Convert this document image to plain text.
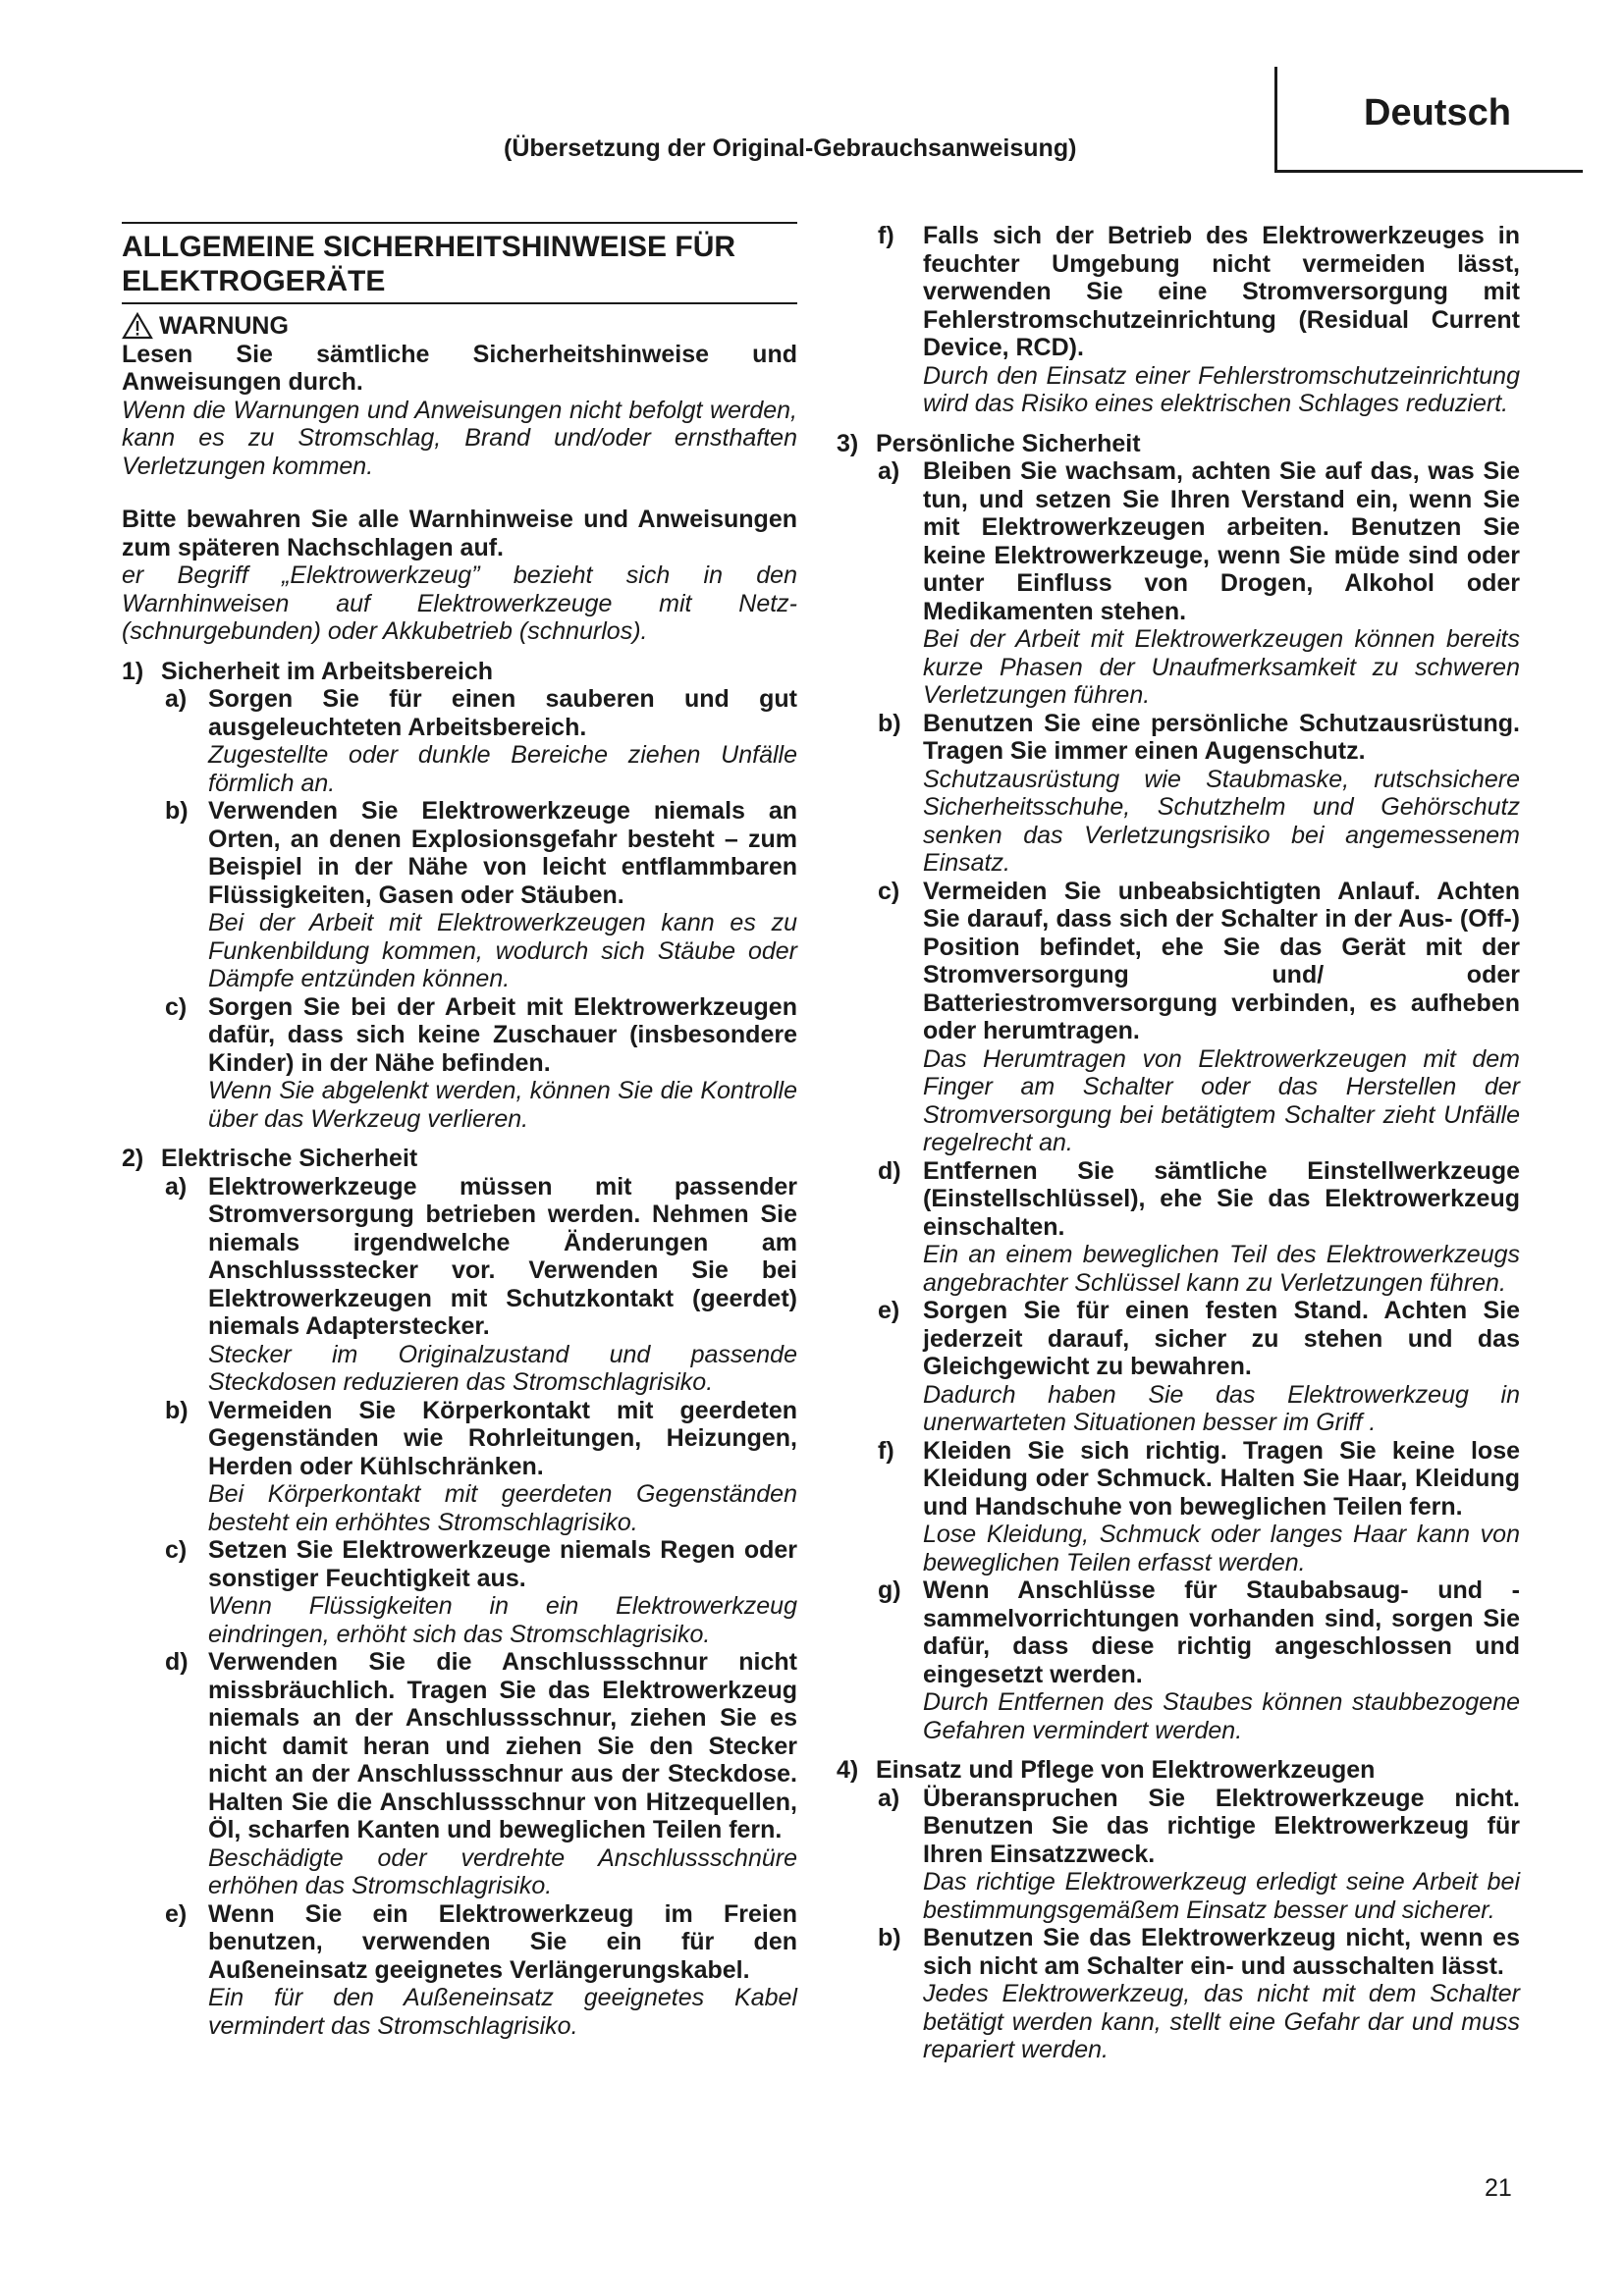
Deutsch
(Übersetzung der Original-Gebrauchsanweisung)
ALLGEMEINE SICHERHEITSHINWEISE FÜR ELEKTROGERÄTE
WARNUNG

Lesen Sie sämtliche Sicherheitshinweise und Anweisungen durch.

Wenn die Warnungen und Anweisungen nicht befolgt werden, kann es zu Stromschlag, Brand und/oder ernsthaften Verletzungen kommen.

Bitte bewahren Sie alle Warnhinweise und Anweisungen zum späteren Nachschlagen auf.

er Begriff „Elektrowerkzeug” bezieht sich in den Warnhinweisen auf Elektrowerkzeuge mit Netz- (schnurgebunden) oder Akkubetrieb (schnurlos).

1) Sicherheit im Arbeitsbereich
a) Sorgen Sie für einen sauberen und gut ausgeleuchteten Arbeitsbereich.

Zugestellte oder dunkle Bereiche ziehen Unfälle förmlich an.

b) Verwenden Sie Elektrowerkzeuge niemals an Orten, an denen Explosionsgefahr besteht – zum Beispiel in der Nähe von leicht entflammbaren Flüssigkeiten, Gasen oder Stäuben.

Bei der Arbeit mit Elektrowerkzeugen kann es zu Funkenbildung kommen, wodurch sich Stäube oder Dämpfe entzünden können.

c) Sorgen Sie bei der Arbeit mit Elektrowerkzeugen dafür, dass sich keine Zuschauer (insbesondere Kinder) in der Nähe befinden.

Wenn Sie abgelenkt werden, können Sie die Kontrolle über das Werkzeug verlieren.

2) Elektrische Sicherheit
a) Elektrowerkzeuge müssen mit passender Stromversorgung betrieben werden. Nehmen Sie niemals irgendwelche Änderungen am Anschlussstecker vor. Verwenden Sie bei Elektrowerkzeugen mit Schutzkontakt (geerdet) niemals Adapterstecker.

Stecker im Originalzustand und passende Steckdosen reduzieren das Stromschlagrisiko.

b) Vermeiden Sie Körperkontakt mit geerdeten Gegenständen wie Rohrleitungen, Heizungen, Herden oder Kühlschränken.

Bei Körperkontakt mit geerdeten Gegenständen besteht ein erhöhtes Stromschlagrisiko.

c) Setzen Sie Elektrowerkzeuge niemals Regen oder sonstiger Feuchtigkeit aus.

Wenn Flüssigkeiten in ein Elektrowerkzeug eindringen, erhöht sich das Stromschlagrisiko.

d) Verwenden Sie die Anschlussschnur nicht missbräuchlich. Tragen Sie das Elektrowerkzeug niemals an der Anschlussschnur, ziehen Sie es nicht damit heran und ziehen Sie den Stecker nicht an der Anschlussschnur aus der Steckdose. Halten Sie die Anschlussschnur von Hitzequellen, Öl, scharfen Kanten und beweglichen Teilen fern.

Beschädigte oder verdrehte Anschlussschnüre erhöhen das Stromschlagrisiko.

e) Wenn Sie ein Elektrowerkzeug im Freien benutzen, verwenden Sie ein für den Außeneinsatz geeignetes Verlängerungskabel.

Ein für den Außeneinsatz geeignetes Kabel vermindert das Stromschlagrisiko.

f) Falls sich der Betrieb des Elektrowerkzeuges in feuchter Umgebung nicht vermeiden lässt, verwenden Sie eine Stromversorgung mit Fehlerstromschutzeinrichtung (Residual Current Device, RCD).

Durch den Einsatz einer Fehlerstromschutzeinrichtung wird das Risiko eines elektrischen Schlages reduziert.

3) Persönliche Sicherheit
a) Bleiben Sie wachsam, achten Sie auf das, was Sie tun, und setzen Sie Ihren Verstand ein, wenn Sie mit Elektrowerkzeugen arbeiten. Benutzen Sie keine Elektrowerkzeuge, wenn Sie müde sind oder unter Einfluss von Drogen, Alkohol oder Medikamenten stehen.

Bei der Arbeit mit Elektrowerkzeugen können bereits kurze Phasen der Unaufmerksamkeit zu schweren Verletzungen führen.

b) Benutzen Sie eine persönliche Schutzausrüstung. Tragen Sie immer einen Augenschutz.

Schutzausrüstung wie Staubmaske, rutschsichere Sicherheitsschuhe, Schutzhelm und Gehörschutz senken das Verletzungsrisiko bei angemessenem Einsatz.

c) Vermeiden Sie unbeabsichtigten Anlauf. Achten Sie darauf, dass sich der Schalter in der Aus- (Off-) Position befindet, ehe Sie das Gerät mit der Stromversorgung und/ oder Batteriestromversorgung verbinden, es aufheben oder herumtragen.

Das Herumtragen von Elektrowerkzeugen mit dem Finger am Schalter oder das Herstellen der Stromversorgung bei betätigtem Schalter zieht Unfälle regelrecht an.

d) Entfernen Sie sämtliche Einstellwerkzeuge (Einstellschlüssel), ehe Sie das Elektrowerkzeug einschalten.

Ein an einem beweglichen Teil des Elektrowerkzeugs angebrachter Schlüssel kann zu Verletzungen führen.

e) Sorgen Sie für einen festen Stand. Achten Sie jederzeit darauf, sicher zu stehen und das Gleichgewicht zu bewahren.

Dadurch haben Sie das Elektrowerkzeug in unerwarteten Situationen besser im Griff .

f) Kleiden Sie sich richtig. Tragen Sie keine lose Kleidung oder Schmuck. Halten Sie Haar, Kleidung und Handschuhe von beweglichen Teilen fern.

Lose Kleidung, Schmuck oder langes Haar kann von beweglichen Teilen erfasst werden.

g) Wenn Anschlüsse für Staubabsaug- und -sammelvorrichtungen vorhanden sind, sorgen Sie dafür, dass diese richtig angeschlossen und eingesetzt werden.

Durch Entfernen des Staubes können staubbezogene Gefahren vermindert werden.

4) Einsatz und Pflege von Elektrowerkzeugen
a) Überanspruchen Sie Elektrowerkzeuge nicht. Benutzen Sie das richtige Elektrowerkzeug für Ihren Einsatzzweck.

Das richtige Elektrowerkzeug erledigt seine Arbeit bei bestimmungsgemäßem Einsatz besser und sicherer.

b) Benutzen Sie das Elektrowerkzeug nicht, wenn es sich nicht am Schalter ein- und ausschalten lässt.

Jedes Elektrowerkzeug, das nicht mit dem Schalter betätigt werden kann, stellt eine Gefahr dar und muss repariert werden.

21
